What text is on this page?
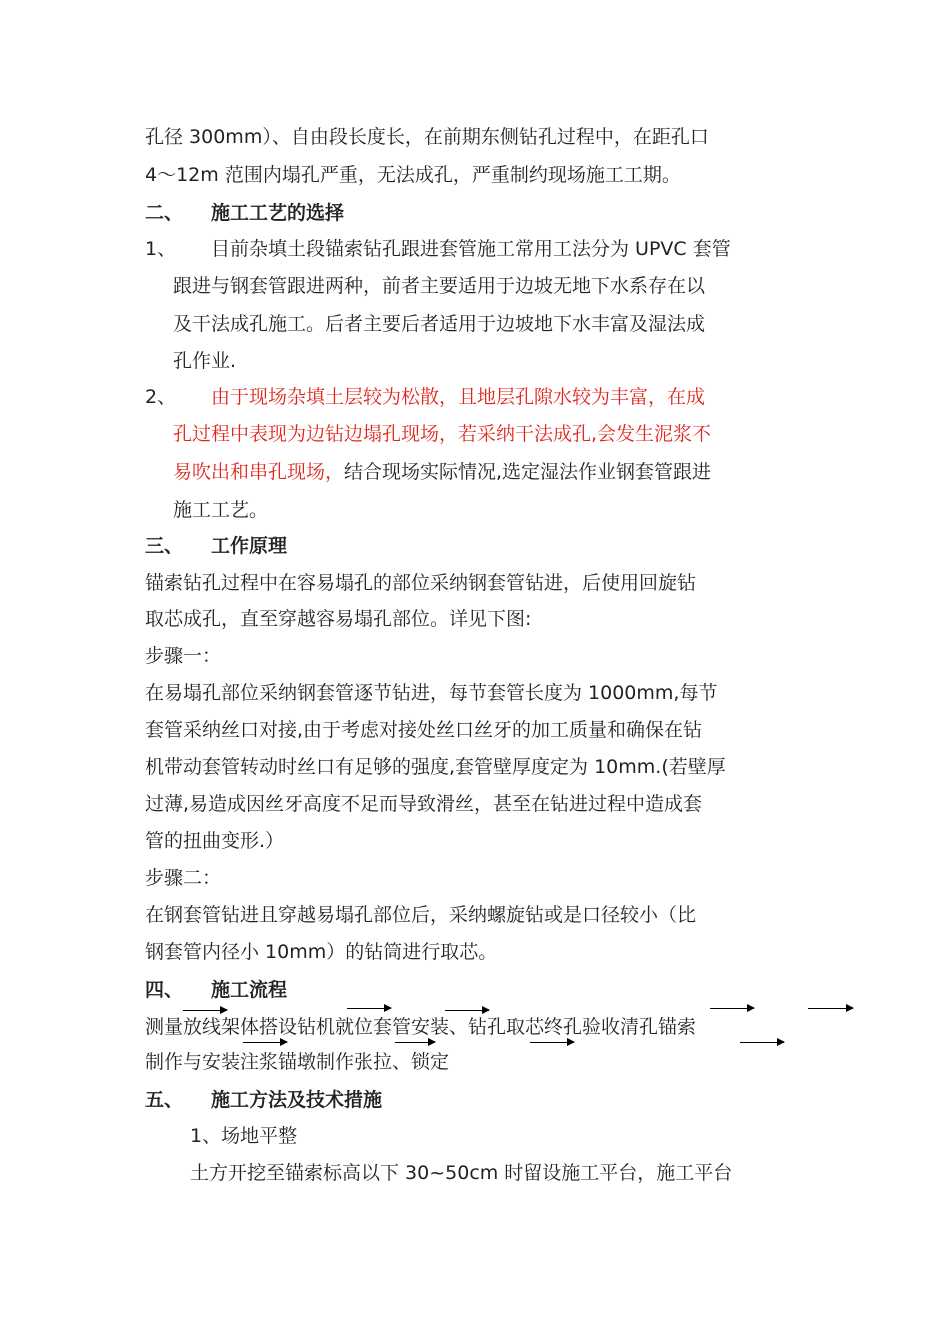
孔径 300mm）、自由段长度长，在前期东侧钻孔过程中，在距孔口
4～12m 范围内塌孔严重，无法成孔，严重制约现场施工工期。
二、 施工工艺的选择
1、 目前杂填土段锚索钻孔跟进套管施工常用工法分为 UPVC 套管
跟进与钢套管跟进两种，前者主要适用于边坡无地下水系存在以
及干法成孔施工。后者主要后者适用于边坡地下水丰富及湿法成
孔作业.
2、 由于现场杂填土层较为松散，且地层孔隙水较为丰富，在成
孔过程中表现为边钻边塌孔现场，若采纳干法成孔,会发生泥浆不
易吹出和串孔现场，结合现场实际情况,选定湿法作业钢套管跟进
施工工艺。
三、 工作原理
锚索钻孔过程中在容易塌孔的部位采纳钢套管钻进，后使用回旋钻
取芯成孔，直至穿越容易塌孔部位。详见下图:
步骤一：
在易塌孔部位采纳钢套管逐节钻进，每节套管长度为 1000mm,每节
套管采纳丝口对接,由于考虑对接处丝口丝牙的加工质量和确保在钻
机带动套管转动时丝口有足够的强度,套管壁厚度定为 10mm.(若壁厚
过薄,易造成因丝牙高度不足而导致滑丝，甚至在钻进过程中造成套
管的扭曲变形.）
步骤二：
在钢套管钻进且穿越易塌孔部位后，采纳螺旋钻或是口径较小（比
钢套管内径小 10mm）的钻筒进行取芯。
四、 施工流程
测量放线架体搭设钻机就位套管安装、钻孔取芯终孔验收清孔锚索
制作与安装注浆锚墩制作张拉、锁定
五、 施工方法及技术措施
1、场地平整
土方开挖至锚索标高以下 30~50cm 时留设施工平台，施工平台
